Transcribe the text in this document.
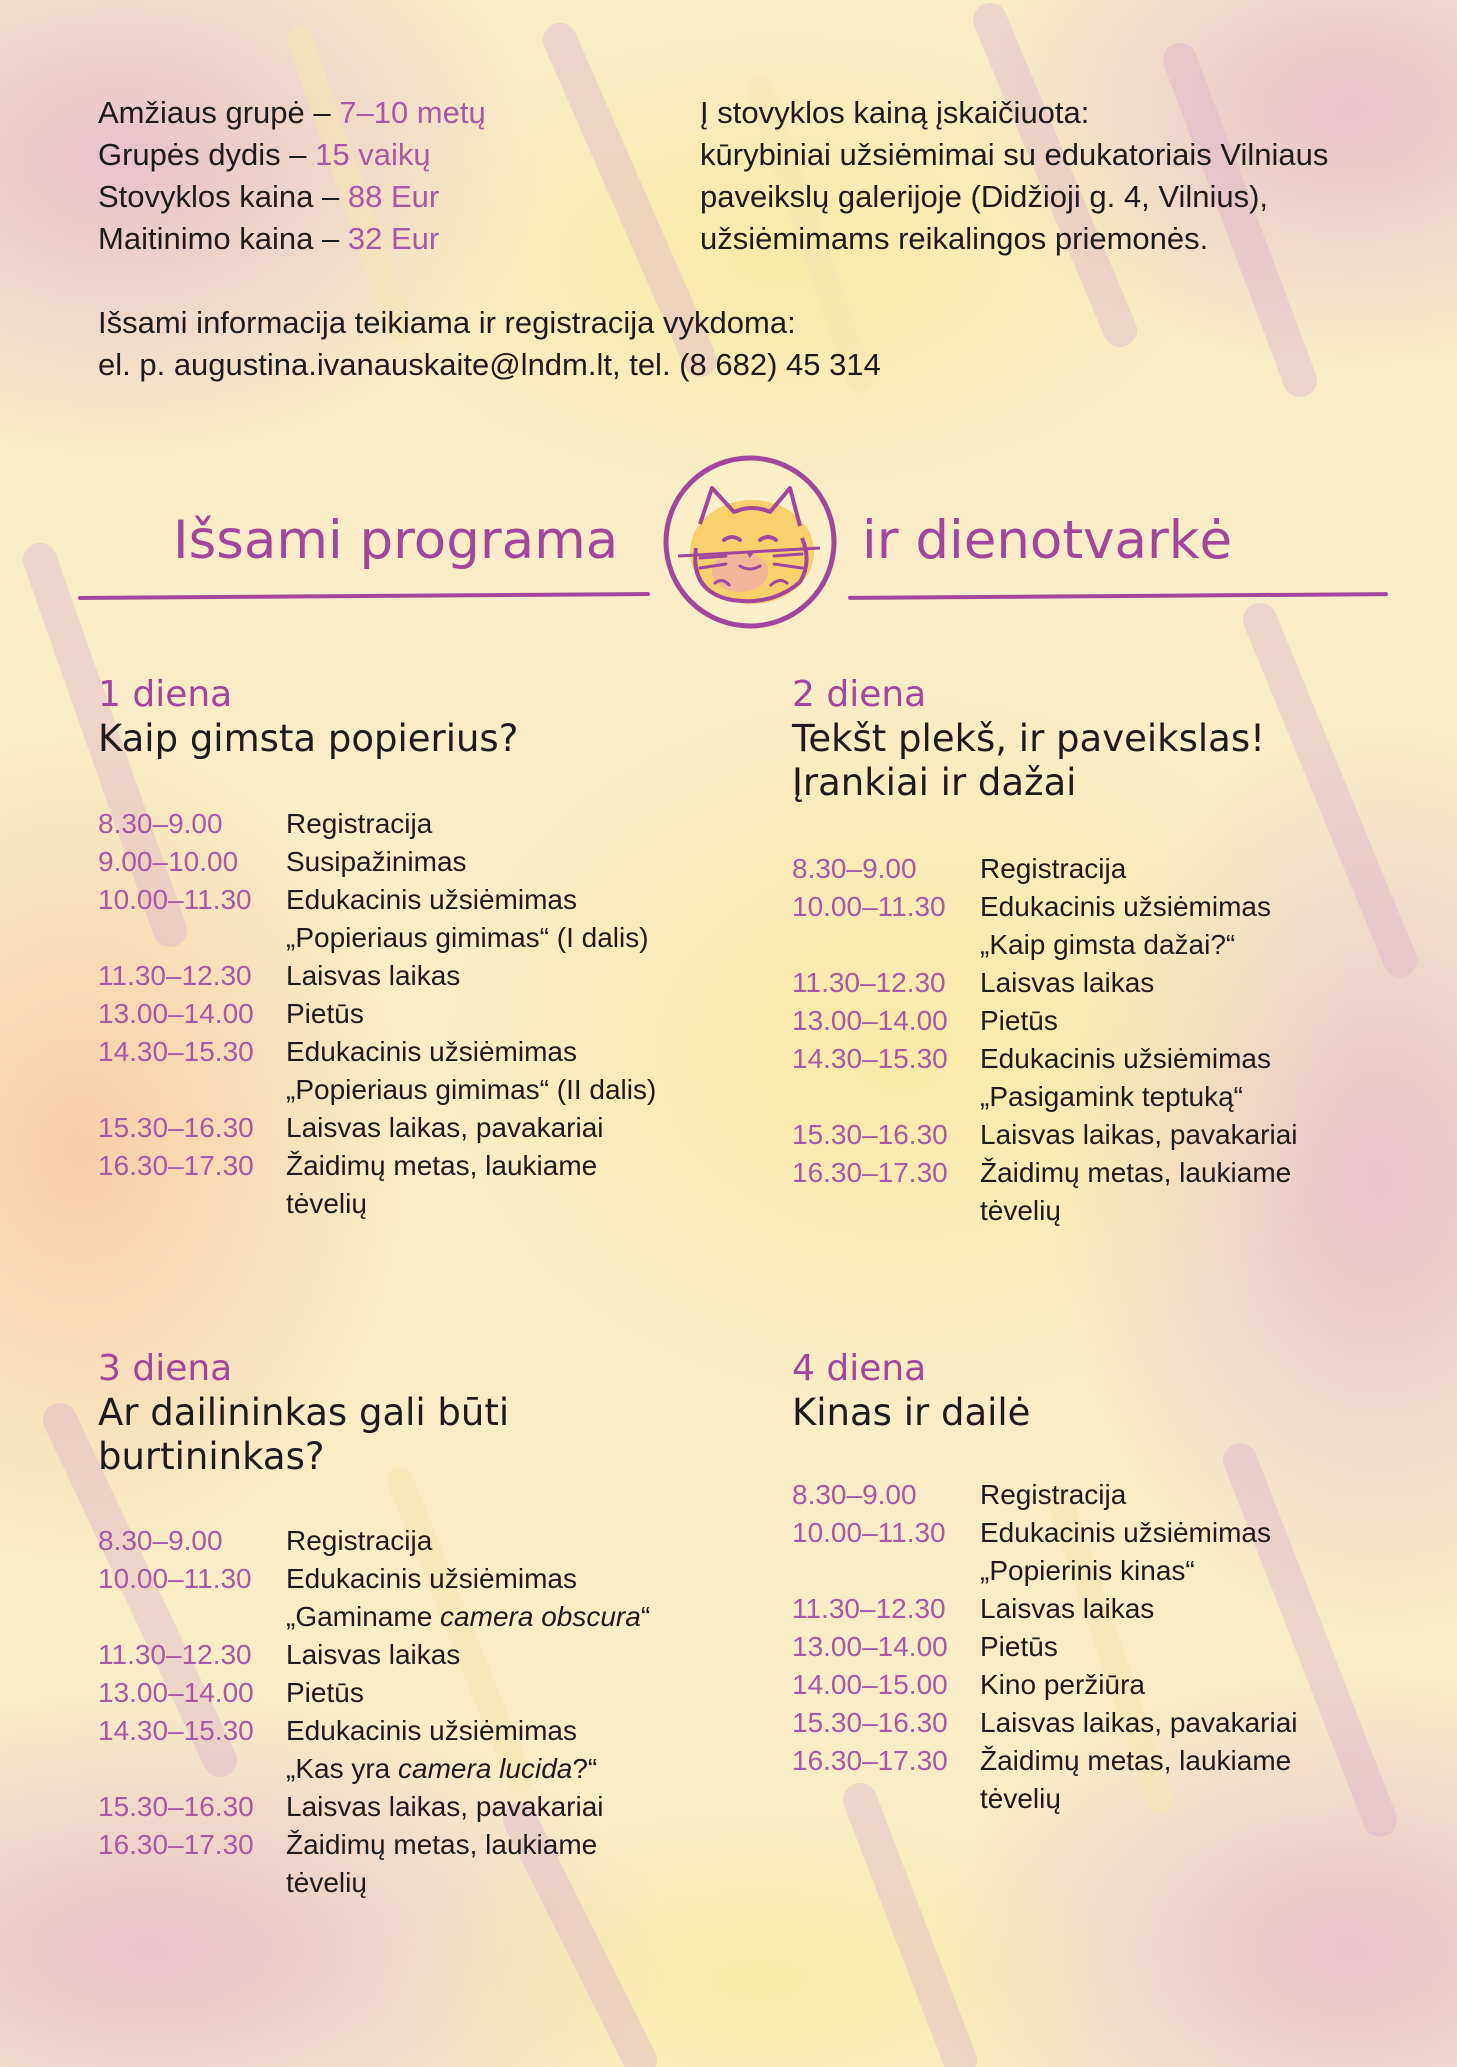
Amžiaus grupė – 7–10 metų
Grupės dydis – 15 vaikų
Stovyklos kaina – 88 Eur
Maitinimo kaina – 32 Eur
Į stovyklos kainą įskaičiuota:
kūrybiniai užsiėmimai su edukatoriais Vilniaus
paveikslų galerijoje (Didžioji g. 4, Vilnius),
užsiėmimams reikalingos priemonės.
Išsami informacija teikiama ir registracija vykdoma:
el. p. augustina.ivanauskaite@lndm.lt, tel. (8 682) 45 314
Išsami programa	ir dienotvarkė
1 diena
Kaip gimsta popierius?
8.30–9.00	Registracija
9.00–10.00	Susipažinimas
10.00–11.30	Edukacinis užsiėmimas
„Popieriaus gimimas“ (I dalis)
11.30–12.30	Laisvas laikas
13.00–14.00	Pietūs
14.30–15.30	Edukacinis užsiėmimas
„Popieriaus gimimas“ (II dalis)
15.30–16.30	Laisvas laikas, pavakariai
16.30–17.30	Žaidimų metas, laukiame
tėvelių
2 diena
Tekšt plekš, ir paveikslas!
Įrankiai ir dažai
8.30–9.00	Registracija
10.00–11.30	Edukacinis užsiėmimas
„Kaip gimsta dažai?“
11.30–12.30	Laisvas laikas
13.00–14.00	Pietūs
14.30–15.30	Edukacinis užsiėmimas
„Pasigamink teptuką“
15.30–16.30	Laisvas laikas, pavakariai
16.30–17.30	Žaidimų metas, laukiame
tėvelių
3 diena
Ar dailininkas gali būti
burtininkas?
8.30–9.00	Registracija
10.00–11.30	Edukacinis užsiėmimas
„Gaminame camera obscura“
11.30–12.30	Laisvas laikas
13.00–14.00	Pietūs
14.30–15.30	Edukacinis užsiėmimas
„Kas yra camera lucida?“
15.30–16.30	Laisvas laikas, pavakariai
16.30–17.30	Žaidimų metas, laukiame
tėvelių
4 diena
Kinas ir dailė
8.30–9.00	Registracija
10.00–11.30	Edukacinis užsiėmimas
„Popierinis kinas“
11.30–12.30	Laisvas laikas
13.00–14.00	Pietūs
14.00–15.00	Kino peržiūra
15.30–16.30	Laisvas laikas, pavakariai
16.30–17.30	Žaidimų metas, laukiame
tėvelių
